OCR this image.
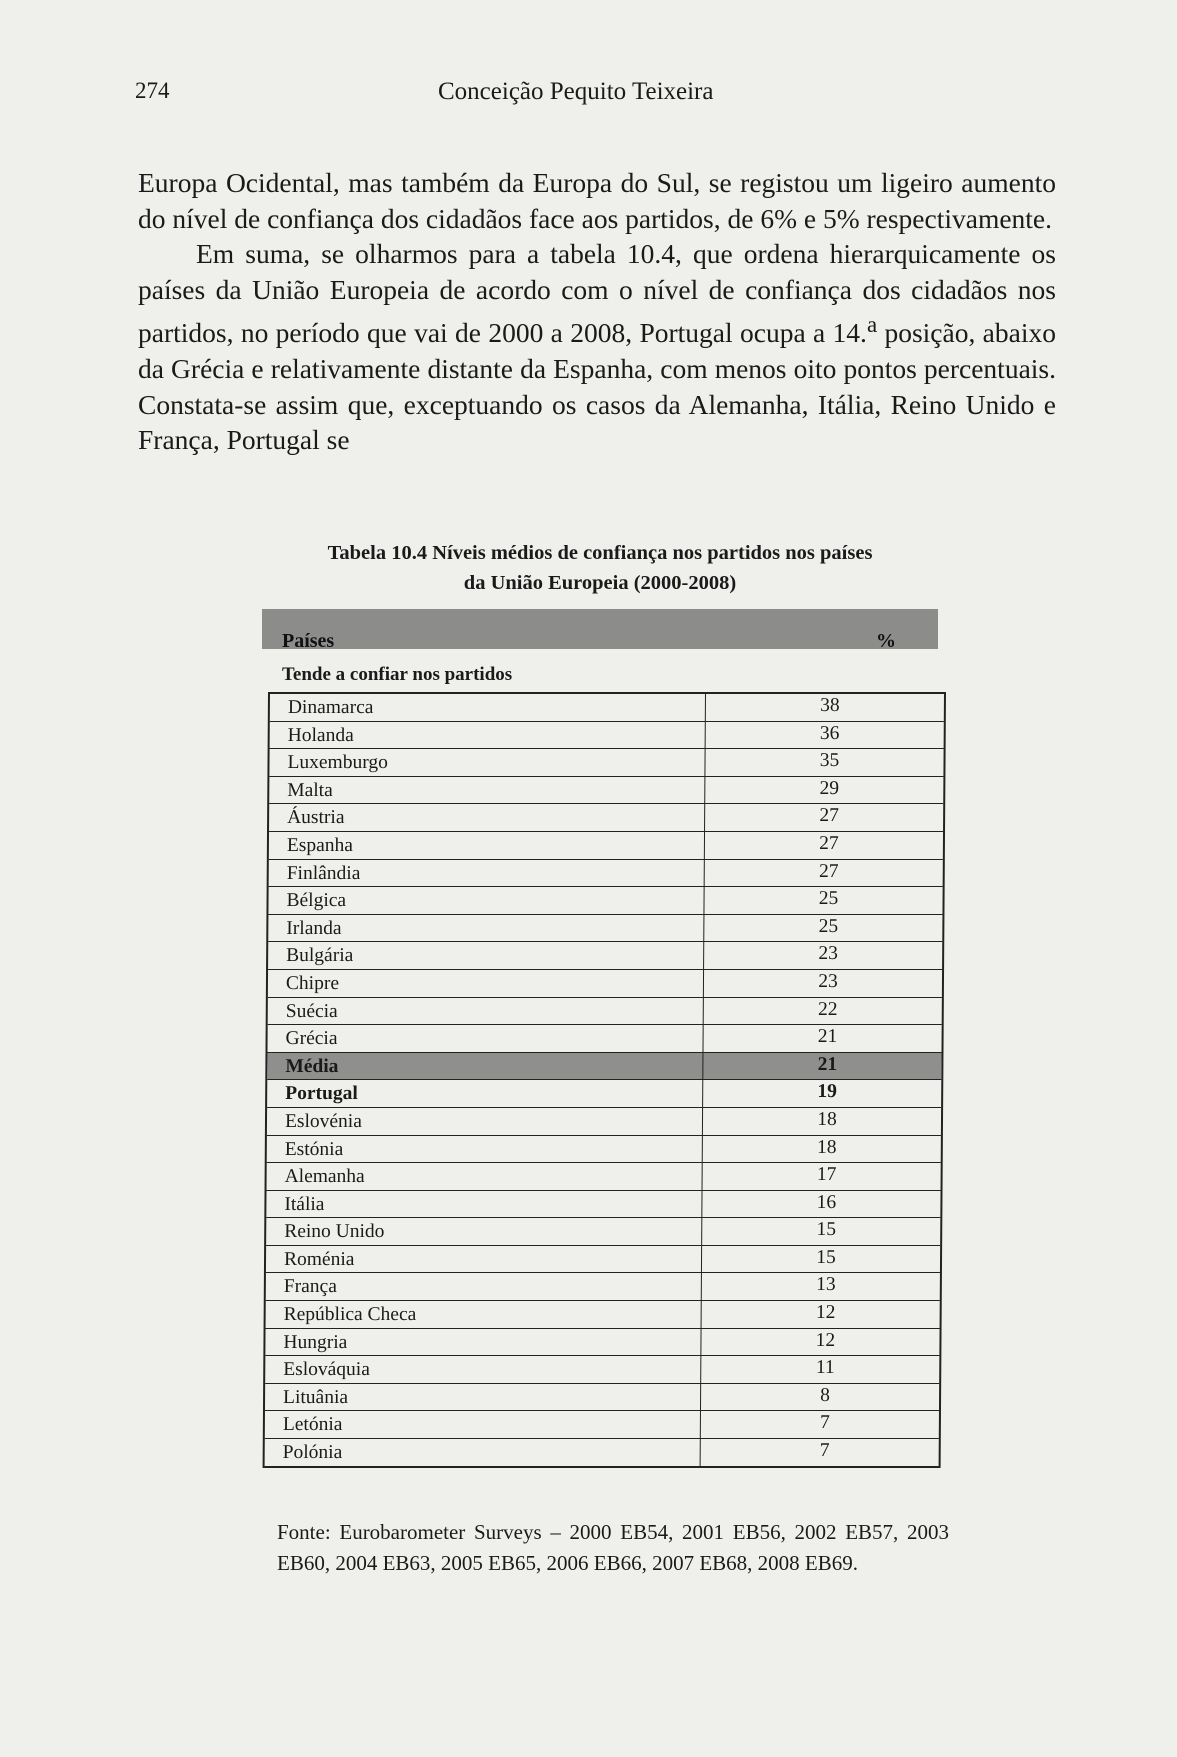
274	Conceição Pequito Teixeira

Europa Ocidental, mas também da Europa do Sul, se registou um ligeiro aumento do nível de confiança dos cidadãos face aos partidos, de 6% e 5% respectivamente.

Em suma, se olharmos para a tabela 10.4, que ordena hierarquicamente os países da União Europeia de acordo com o nível de confiança dos cidadãos nos partidos, no período que vai de 2000 a 2008, Portugal ocupa a 14.$^a$ posição, abaixo da Grécia e relativamente distante da Espanha, com menos oito pontos percentuais. Constata-se assim que, exceptuando os casos da Alemanha, Itália, Reino Unido e França, Portugal se

Tabela 10.4 Níveis médios de confiança nos partidos nos países
da União Europeia (2000-2008)
Países	%
Tende a confiar nos partidos
Dinamarca	38
Holanda	36
Luxemburgo	35
Malta	29
Áustria	27
Espanha	27
Finlândia	27
Bélgica	25
Irlanda	25
Bulgária	23
Chipre	23
Suécia	22
Grécia	21
Média	21
Portugal	19
Eslovénia	18
Estónia	18
Alemanha	17
Itália	16
Reino Unido	15
Roménia	15
França	13
República Checa	12
Hungria	12
Eslováquia	11
Lituânia	8
Letónia	7
Polónia	7
Fonte: Eurobarometer Surveys – 2000 EB54, 2001 EB56, 2002 EB57, 2003 EB60, 2004 EB63, 2005 EB65, 2006 EB66, 2007 EB68, 2008 EB69.
